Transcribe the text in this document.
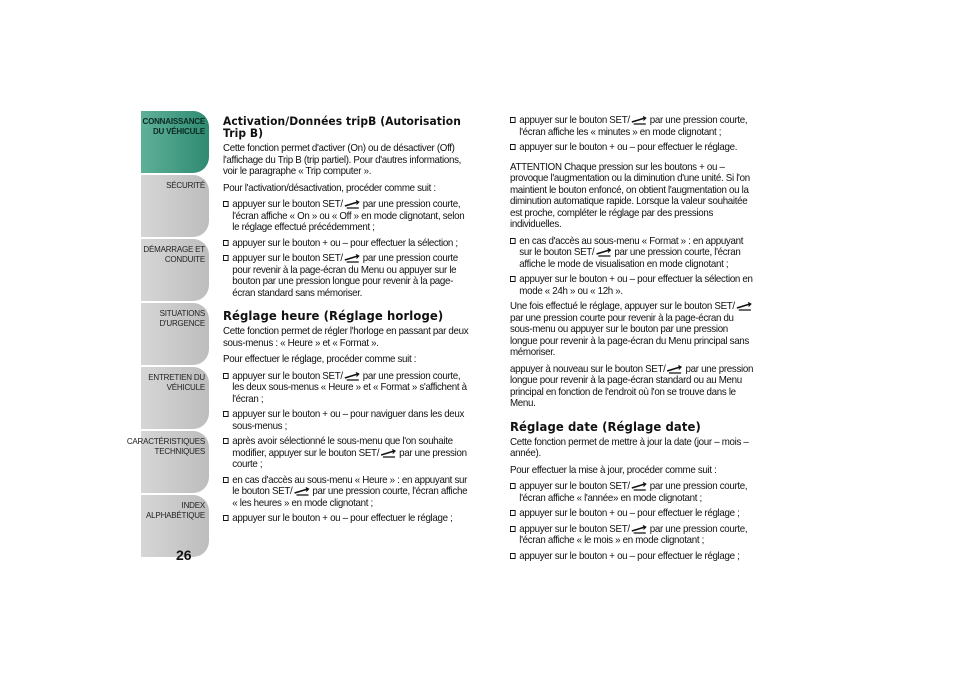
CONNAISSANCE
DU VÉHICULE
SÉCURITÉ
DÉMARRAGE ET
CONDUITE
SITUATIONS
D'URGENCE
ENTRETIEN DU
VÉHICULE
CARACTÉRISTIQUES
TECHNIQUES
INDEX
ALPHABÉTIQUE
26
Activation/Données tripB (Autorisation Trip B)

Cette fonction permet d'activer (On) ou de désactiver (Off) l'affichage du Trip B (trip partiel). Pour d'autres informations, voir le paragraphe « Trip computer ».

Pour l'activation/désactivation, procéder comme suit :

appuyer sur le bouton SET/ par une pression courte, l'écran affiche « On » ou « Off » en mode clignotant, selon le réglage effectué précédemment ;
appuyer sur le bouton + ou – pour effectuer la sélection ;
appuyer sur le bouton SET/ par une pression courte pour revenir à la page-écran du Menu ou appuyer sur le bouton par une pression longue pour revenir à la page-écran standard sans mémoriser.
Réglage heure (Réglage horloge)

Cette fonction permet de régler l'horloge en passant par deux sous-menus : « Heure » et « Format ».

Pour effectuer le réglage, procéder comme suit :

appuyer sur le bouton SET/ par une pression courte, les deux sous-menus « Heure » et « Format » s'affichent à l'écran ;
appuyer sur le bouton + ou – pour naviguer dans les deux sous-menus ;
après avoir sélectionné le sous-menu que l'on souhaite modifier, appuyer sur le bouton SET/ par une pression courte ;
en cas d'accès au sous-menu « Heure » : en appuyant sur le bouton SET/ par une pression courte, l'écran affiche « les heures » en mode clignotant ;
appuyer sur le bouton + ou – pour effectuer le réglage ;
appuyer sur le bouton SET/ par une pression courte, l'écran affiche les « minutes » en mode clignotant ;
appuyer sur le bouton + ou – pour effectuer le réglage.

ATTENTION Chaque pression sur les boutons + ou – provoque l'augmentation ou la diminution d'une unité. Si l'on maintient le bouton enfoncé, on obtient l'augmentation ou la diminution automatique rapide. Lorsque la valeur souhaitée est proche, compléter le réglage par des pressions individuelles.

en cas d'accès au sous-menu « Format » : en appuyant sur le bouton SET/ par une pression courte, l'écran affiche le mode de visualisation en mode clignotant ;
appuyer sur le bouton + ou – pour effectuer la sélection en mode « 24h » ou « 12h ».

Une fois effectué le réglage, appuyer sur le bouton SET/ par une pression courte pour revenir à la page-écran du sous-menu ou appuyer sur le bouton par une pression longue pour revenir à la page-écran du Menu principal sans mémoriser.

appuyer à nouveau sur le bouton SET/ par une pression longue pour revenir à la page-écran standard ou au Menu principal en fonction de l'endroit où l'on se trouve dans le Menu.

Réglage date (Réglage date)

Cette fonction permet de mettre à jour la date (jour – mois – année).

Pour effectuer la mise à jour, procéder comme suit :

appuyer sur le bouton SET/ par une pression courte, l'écran affiche « l'année» en mode clignotant ;
appuyer sur le bouton + ou – pour effectuer le réglage ;
appuyer sur le bouton SET/ par une pression courte, l'écran affiche « le mois » en mode clignotant ;
appuyer sur le bouton + ou – pour effectuer le réglage ;
